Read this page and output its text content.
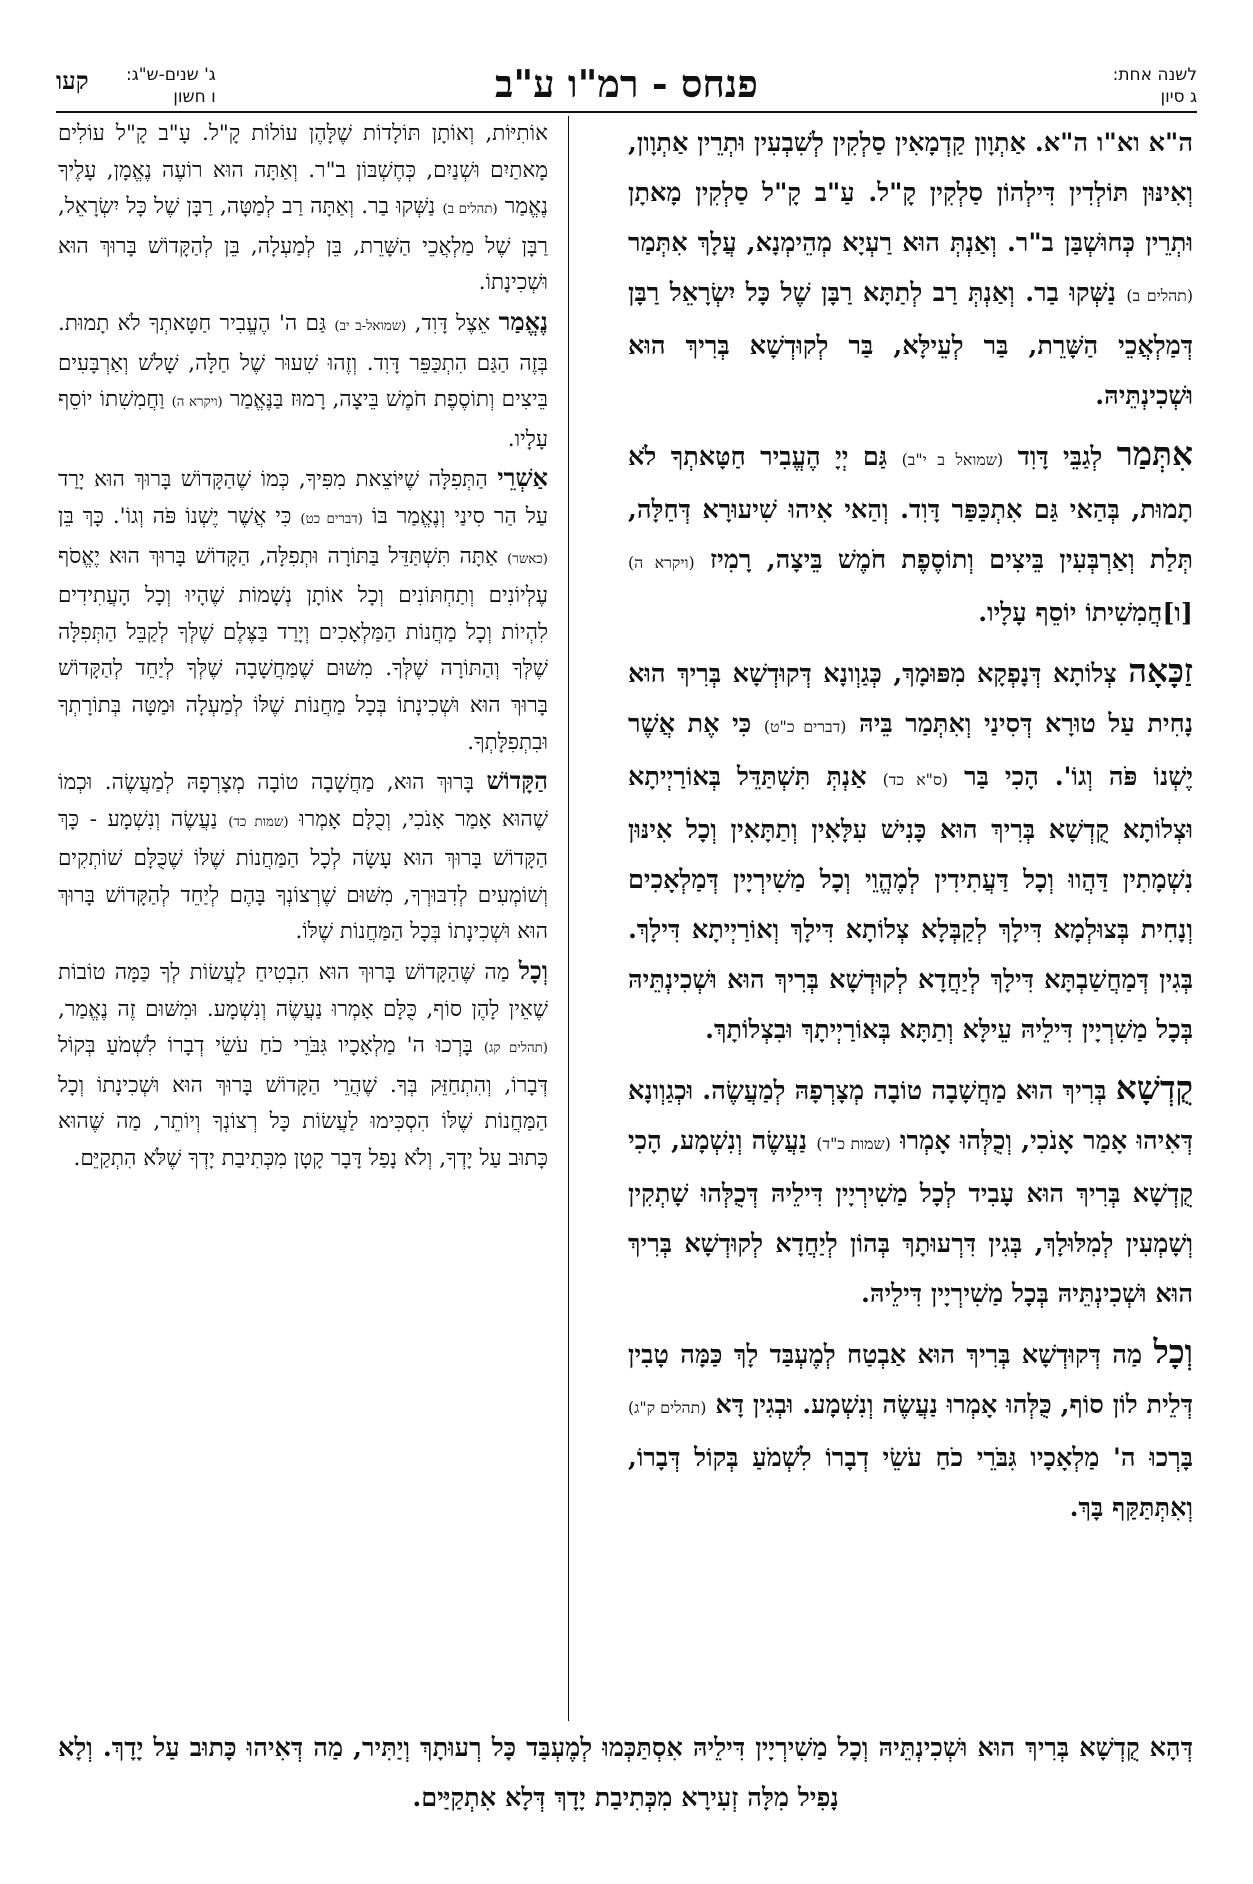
לשנה אחת:
ג סיון
פנחס - רמ"ו ע"ב
ג' שנים-ש"ג:
ו חשון
קעו

ה"א וא"ו ה"א. אַתְוָון קַדְמָאִין סַלְקִין לְשִׁבְעִין וּתְרֵין אַתְוָון, וְאִינּוּן תּוֹלְדִין דִּילְהוֹן סַלְקִין קָ"ל. עַ"ב קָ"ל סַלְקִין מָאתָן וּתְרֵין כְּחוּשְׁבַּן ב"ר. וְאַנְתְּ הוּא רַעְיָא מְהֵימְנָא, עֲלָךְ אִתְּמַר (תהלים ב) נַשְּׁקוּ בַר. וְאַנְתְּ רַב לְתַתָּא רַבָּן שֶׁל כָּל יִשְׂרָאֵל רַבָּן דְּמַלְאֲכֵי הַשָּׁרֵת, בַּר לְעֵילָּא, בַּר לְקוּדְשָׁא בְּרִיךְ הוּא וּשְׁכִינְתֵּיהּ.

אִתְּמַר לְגַבֵּי דָּוִד (שמואל ב י"ב) גַּם יְיָ הֶעֱבִיר חַטָּאתְךָ לֹא תָמוּת, בְּהַאי גַּם אִתְכַּפַּר דָּוִד. וְהַאי אִיהוּ שִׁיעוּרָא דְּחַלָּה, תְּלַת וְאַרְבְּעִין בֵּיצִים וְתוֹסֶפֶת חֹמֶשׁ בֵּיצָה, רָמִיז (ויקרא ה) [ו]חֲמִשִׁיתוֹ יוֹסֵף עָלָיו.

זַכָּאָה צְלוֹתָא דְּנָפְקָא מִפּוּמָךְ, כְּגַוְונָא דְּקוּדְשָׁא בְּרִיךְ הוּא נָחִית עַל טוּרָא דְּסִינַי וְאִתְּמַר בֵּיהּ (דברים כ"ט) כִּי אֶת אֲשֶׁר יֶשְׁנוֹ פֹּה וְגוֹ'. הָכִי בַּר (ס"א כד) אַנְתְּ תִּשְׁתַּדֵּל בְּאוֹרַיְיתָא וּצְלוֹתָא קֻדְשָׁא בְּרִיךְ הוּא כָּנִישׁ עִלָּאִין וְתַתָּאִין וְכָל אִינּוּן נִשְׁמָתִין דַּהֲווּ וְכָל דַּעֲתִידִין לְמֶהֱוֵי וְכָל מַשִׁירְיָין דְּמַלְאָכִים וְנָחִית בְּצוּלְמָא דִּילָךְ לְקַבְּלָא צְלוֹתָא דִּילָךְ וְאוֹרַיְיתָא דִּילָךְ. בְּגִין דְּמַחֲשַׁבְתָּא דִּילָךְ לְיַחֲדָא לְקוּדְשָׁא בְּרִיךְ הוּא וּשְׁכִינְתֵּיהּ בְּכָל מַשִׁרְיָין דִּילֵיהּ עֵילָּא וְתַתָּא בְּאוֹרַיְיתָךְ וּבִצְלוֹתָךְ.

קֻדְשָׁא בְּרִיךְ הוּא מַחֲשָׁבָה טוֹבָה מְצָרְפָהּ לְמַעֲשֶׂה. וּכְגַוְונָא דְּאִיהוּ אָמַר אָנֹכִי, וְכֻלְּהוּ אָמְרוּ (שמות כ"ד) נַעֲשֶׂה וְנִשְׁמָע, הָכִי קֻדְשָׁא בְּרִיךְ הוּא עָבִיד לְכָל מַשִׁירְיָין דִּילֵיהּ דְּכֻלְּהוּ שָׁתְקִין וְשָׁמְעִין לְמִלּוּלָךְ, בְּגִין דִּרְעוּתָךְ בְּהוֹן לְיַחֲדָא לְקוּדְשָׁא בְּרִיךְ הוּא וּשְׁכִינְתֵּיהּ בְּכָל מַשִׁירְיָין דִּילֵיהּ.

וְכָל מַה דְּקוּדְשָׁא בְּרִיךְ הוּא אַבְטַח לְמֶעְבַּד לָךְ כַּמָּה טָבִין דְּלֵית לוֹן סוֹף, כֻּלְּהוּ אָמְרוּ נַעֲשֶׂה וְנִשְׁמָע. וּבְגִין דָּא (תהלים ק"ג) בָּרְכוּ ה' מַלְאָכָיו גִּבֹּרֵי כֹחַ עֹשֵׂי דְבָרוֹ לִשְׁמֹעַ בְּקוֹל דְּבָרוֹ, וְאִתְּתַּקַּף בָּךְ.

אוֹתִיּוֹת, וְאוֹתָן תּוֹלָדוֹת שֶׁלָּהֶן עוֹלוֹת קָ"ל. עָ"ב קָ"ל עוֹלִים מָאתַיִם וּשְׁנַיִם, כְּחֶשְׁבּוֹן ב"ר. וְאַתָּה הוּא רוֹעֶה נֶאֱמָן, עָלֶיךָ נֶאֱמַר (תהלים ב) נַשְּׁקוּ בַר. וְאַתָּה רַב לְמַטָּה, רַבָּן שֶׁל כָּל יִשְׂרָאֵל, רַבָּן שֶׁל מַלְאֲכֵי הַשָּׁרֵת, בֵּן לְמַעְלָה, בֵּן לְהַקָּדוֹשׁ בָּרוּךְ הוּא וּשְׁכִינָתוֹ.

נֶאֱמַר אֵצֶל דָּוִד, (שמואל-ב יב) גַּם ה' הֶעֱבִיר חַטָּאתְךָ לֹא תָמוּת. בְּזֶה הַגַּם הִתְכַּפֵּר דָּוִד. וְזֶהוּ שִׁעוּר שֶׁל חַלָּה, שָׁלֹשׁ וְאַרְבָּעִים בֵּיצִים וְתוֹסֶפֶת חֹמֶשׁ בֵּיצָה, רָמוּז בַּנֶּאֱמַר (ויקרא ה) וַחֲמִשִׁתוֹ יוֹסֵף עָלָיו.

אַשְׁרֵי הַתְּפִלָּה שֶׁיּוֹצֵאת מִפִּיךָ, כְּמוֹ שֶׁהַקָּדוֹשׁ בָּרוּךְ הוּא יָרַד עַל הַר סִינַי וְנֶאֱמַר בּוֹ (דברים כט) כִּי אֲשֶׁר יֶשְׁנוֹ פֹּה וְגוֹ'. כָּךְ בֵּן (כאשר) אַתָּה תִּשְׁתַּדֵּל בַּתּוֹרָה וּתְפִלָּה, הַקָּדוֹשׁ בָּרוּךְ הוּא יֶאֱסֹף עֶלְיוֹנִים וְתַחְתּוֹנִים וְכָל אוֹתָן נְשָׁמוֹת שֶׁהָיוּ וְכָל הָעֲתִידִים לִהְיוֹת וְכָל מַחֲנוֹת הַמַּלְאָכִים וְיָרַד בַּצֶּלֶם שֶׁלְּךָ לְקַבֵּל הַתְּפִלָּה שֶׁלְּךָ וְהַתּוֹרָה שֶׁלְּךָ. מִשּׁוּם שֶׁמַּחֲשָׁבָה שֶׁלְּךָ לְיַחֵד לְהַקָּדוֹשׁ בָּרוּךְ הוּא וּשְׁכִינָתוֹ בְּכָל מַחֲנוֹת שֶׁלּוֹ לְמַעְלָה וּמַטָּה בְּתוֹרָתְךָ וּבִתְפִלָּתְךָ.

הַקָּדוֹשׁ בָּרוּךְ הוּא, מַחֲשָׁבָה טוֹבָה מְצָרְפָהּ לְמַעֲשֶׂה. וּכְמוֹ שֶׁהוּא אָמַר אָנֹכִי, וְכֻלָּם אָמְרוּ (שמות כד) נַעֲשֶׂה וְנִשְׁמָע - כָּךְ הַקָּדוֹשׁ בָּרוּךְ הוּא עָשָׂה לְכָל הַמַּחֲנוֹת שֶׁלּוֹ שֶׁכֻּלָּם שׁוֹתְקִים וְשׁוֹמְעִים לְדִבּוּרְךָ, מִשּׁוּם שֶׁרְצוֹנְךָ בָּהֶם לְיַחֵד לְהַקָּדוֹשׁ בָּרוּךְ הוּא וּשְׁכִינָתוֹ בְּכָל הַמַּחֲנוֹת שֶׁלּוֹ.

וְכָל מַה שֶּׁהַקָּדוֹשׁ בָּרוּךְ הוּא הִבְטִיחַ לַעֲשׂוֹת לְךָ כַּמָּה טוֹבוֹת שֶׁאֵין לָהֶן סוֹף, כֻּלָּם אָמְרוּ נַעֲשֶׂה וְנִשְׁמָע. וּמִשּׁוּם זֶה נֶאֱמַר, (תהלים קג) בָּרְכוּ ה' מַלְאָכָיו גִּבֹּרֵי כֹחַ עֹשֵׂי דְבָרוֹ לִשְׁמֹעַ בְּקוֹל דְּבָרוֹ, וְהִתְחַזֵּק בְּךָ. שֶׁהֲרֵי הַקָּדוֹשׁ בָּרוּךְ הוּא וּשְׁכִינָתוֹ וְכָל הַמַּחֲנוֹת שֶׁלּוֹ הִסְכִּימוּ לַעֲשׂוֹת כָּל רְצוֹנְךָ וְיוֹתֵר, מַה שֶּׁהוּא כָּתוּב עַל יָדְךָ, וְלֹא נָפַל דָּבָר קָטָן מִכְּתִיבַת יָדְךָ שֶׁלֹּא הִתְקַיֵּם.

דְּהָא קֻדְשָׁא בְּרִיךְ הוּא וּשְׁכִינְתֵּיהּ וְכָל מַשִׁירְיָין דִּילֵיהּ אִסְתַּכְּמוּ לְמֶעְבַּד כָּל רְעוּתָךְ וְיַתִּיר, מַה דְּאִיהוּ כָּתוּב עַל יָדָךְ. וְלָא נָפִיל מִלָּה זְעִירָא מִכְּתִיבַת יָדָךְ דְּלָא אִתְקַיַּים.
